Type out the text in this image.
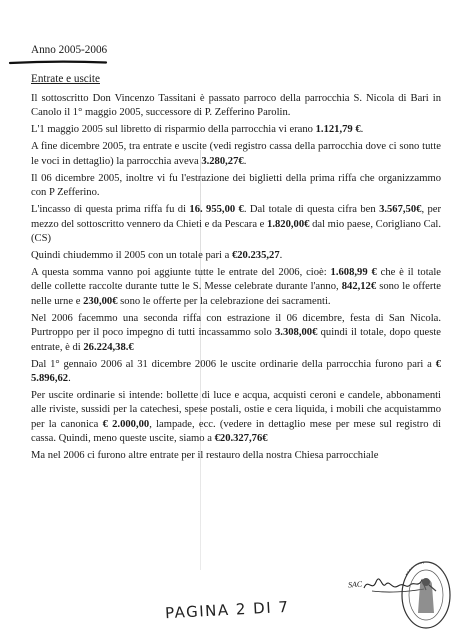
Anno 2005-2006
Entrate e uscite

Il sottoscritto Don Vincenzo Tassitani è passato parroco della parrocchia S. Nicola di Bari in Canolo il 1° maggio 2005, successore di P. Zefferino Parolin.

L'1 maggio 2005 sul libretto di risparmio della parrocchia vi erano 1.121,79 €.

A fine dicembre 2005, tra entrate e uscite (vedi registro cassa della parrocchia dove ci sono tutte le voci in dettaglio) la parrocchia aveva 3.280,27€.

Il 06 dicembre 2005, inoltre vi fu l'estrazione dei biglietti della prima riffa che organizzammo con P Zefferino.

L'incasso di questa prima riffa fu di 16. 955,00 €. Dal totale di questa cifra ben 3.567,50€, per mezzo del sottoscritto vennero da Chieti e da Pescara e 1.820,00€ dal mio paese, Corigliano Cal. (CS)

Quindi chiudemmo il 2005 con un totale pari a €20.235,27.

A questa somma vanno poi aggiunte tutte le entrate del 2006, cioè: 1.608,99 € che è il totale delle collette raccolte durante tutte le S. Messe celebrate durante l'anno, 842,12€ sono le offerte nelle urne e 230,00€ sono le offerte per la celebrazione dei sacramenti.

Nel 2006 facemmo una seconda riffa con estrazione il 06 dicembre, festa di San Nicola. Purtroppo per il poco impegno di tutti incassammo solo 3.308,00€ quindi il totale, dopo queste entrate, è di 26.224,38.€

Dal 1° gennaio 2006 al 31 dicembre 2006 le uscite ordinarie della parrocchia furono pari a € 5.896,62.

Per uscite ordinarie si intende: bollette di luce e acqua, acquisti ceroni e candele, abbonamenti alle riviste, sussidi per la catechesi, spese postali, ostie e cera liquida, i mobili che acquistammo per la canonica € 2.000,00, lampade, ecc. (vedere in dettaglio mese per mese sul registro di cassa. Quindi, meno queste uscite, siamo a €20.327,76€

Ma nel 2006 ci furono altre entrate per il restauro della nostra Chiesa parrocchiale

SAC
PAGINA 2 DI 7
